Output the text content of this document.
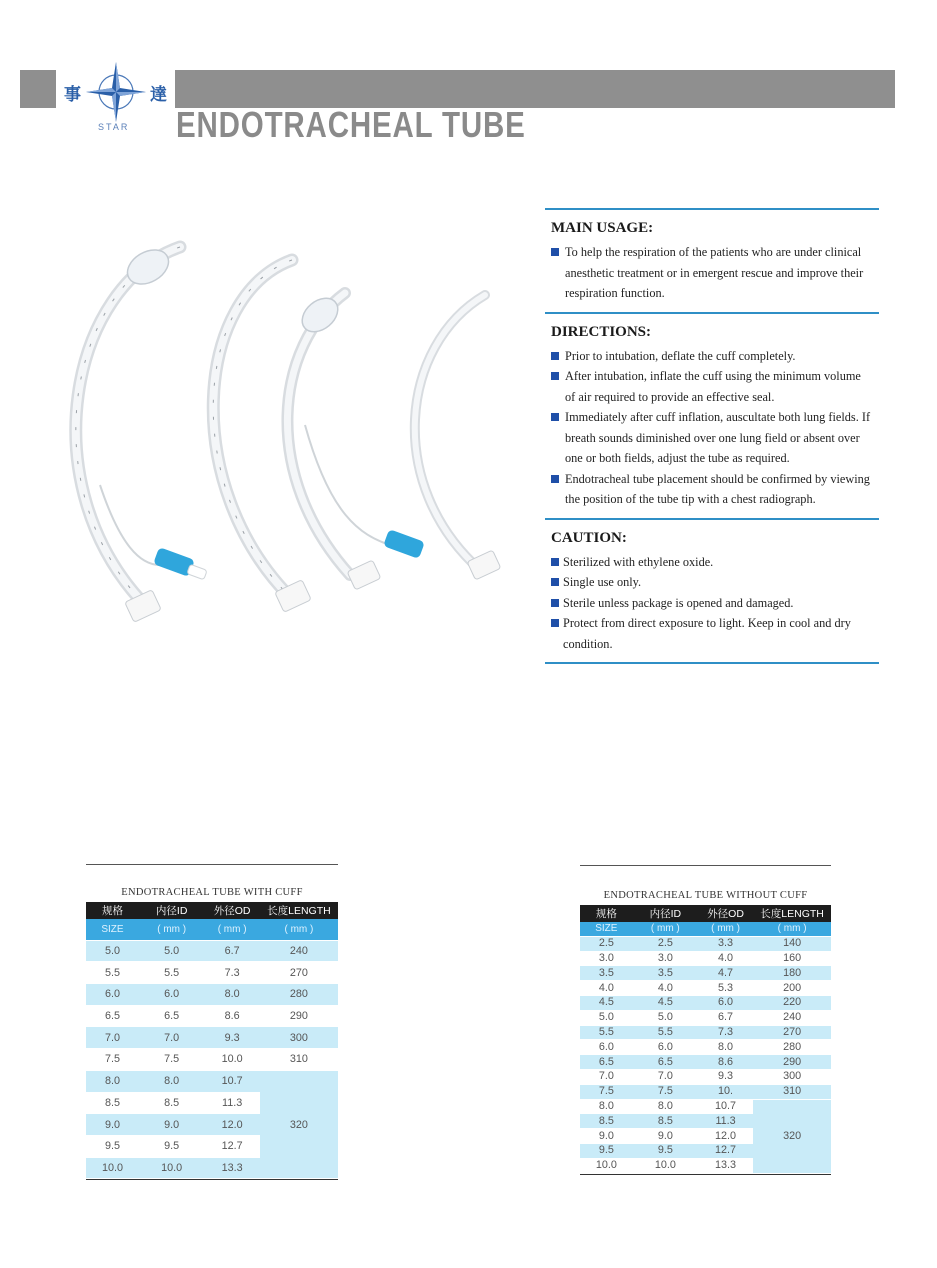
事	達
STAR ENDOTRACHEAL TUBE
MAIN USAGE:
To help the respiration of the patients who are under clinical anesthetic treatment or in emergent rescue and improve their respiration function.
DIRECTIONS:
Prior to intubation, deflate the cuff completely.
After intubation, inflate the cuff using the minimum volume of air required to provide an effective seal.
Immediately after cuff inflation, auscultate both lung fields. If breath sounds diminished over one lung field or absent over one or both fields, adjust the tube as required.
Endotracheal tube placement should be confirmed by viewing the position of the tube tip with a chest radiograph.
CAUTION:
Sterilized with ethylene oxide.
Single use only.
Sterile unless package is opened and damaged.
Protect from direct exposure to light. Keep in cool and dry condition.
ENDOTRACHEAL TUBE WITH CUFF
规格	内径ID	外径OD	长度LENGTH
SIZE	( mm )	( mm )	( mm )
5.0	5.0	6.7	240
5.5	5.5	7.3	270
6.0	6.0	8.0	280
6.5	6.5	8.6	290
7.0	7.0	9.3	300
7.5	7.5	10.0	310
8.0	8.0	10.7	320
8.5	8.5	11.3	
9.0	9.0	12.0	
9.5	9.5	12.7	
10.0	10.0	13.3	
ENDOTRACHEAL TUBE WITHOUT CUFF
规格	内径ID	外径OD	长度LENGTH
SIZE	( mm )	( mm )	( mm )
2.5	2.5	3.3	140
3.0	3.0	4.0	160
3.5	3.5	4.7	180
4.0	4.0	5.3	200
4.5	4.5	6.0	220
5.0	5.0	6.7	240
5.5	5.5	7.3	270
6.0	6.0	8.0	280
6.5	6.5	8.6	290
7.0	7.0	9.3	300
7.5	7.5	10.	310
8.0	8.0	10.7	320
8.5	8.5	11.3	
9.0	9.0	12.0	
9.5	9.5	12.7	
10.0	10.0	13.3	
